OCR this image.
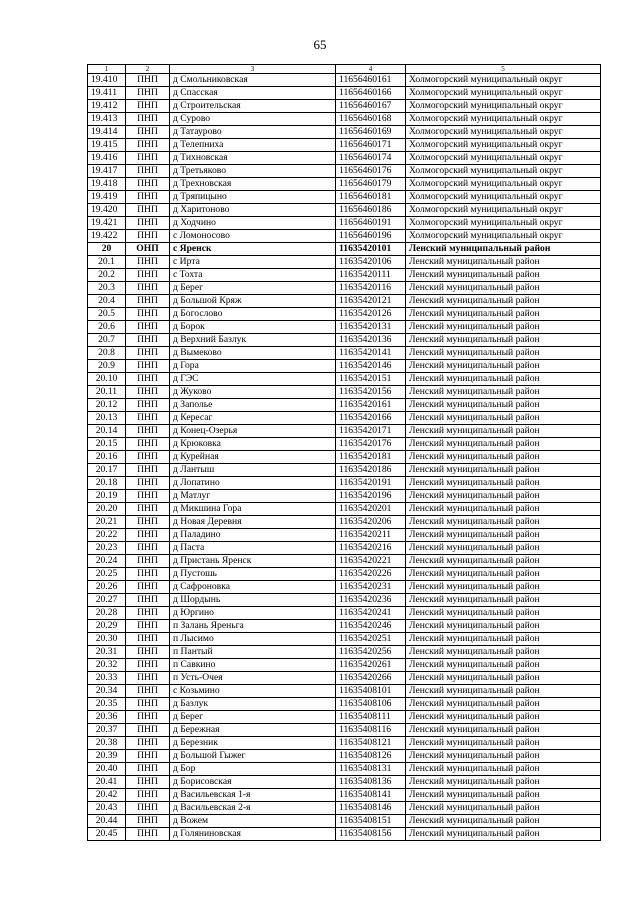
65
1	2	3	4	5
19.410	ПНП	д Смольниковская	11656460161	Холмогорский муниципальный округ
19.411	ПНП	д Спасская	11656460166	Холмогорский муниципальный округ
19.412	ПНП	д Строительская	11656460167	Холмогорский муниципальный округ
19.413	ПНП	д Сурово	11656460168	Холмогорский муниципальный округ
19.414	ПНП	д Татаурово	11656460169	Холмогорский муниципальный округ
19.415	ПНП	д Телепниха	11656460171	Холмогорский муниципальный округ
19.416	ПНП	д Тихновская	11656460174	Холмогорский муниципальный округ
19.417	ПНП	д Третьяково	11656460176	Холмогорский муниципальный округ
19.418	ПНП	д Трехновская	11656460179	Холмогорский муниципальный округ
19.419	ПНП	д Тряпицыно	11656460181	Холмогорский муниципальный округ
19.420	ПНП	д Харитоново	11656460186	Холмогорский муниципальный округ
19.421	ПНП	д Ходчино	11656460191	Холмогорский муниципальный округ
19.422	ПНП	с Ломоносово	11656460196	Холмогорский муниципальный округ
20	ОНП	с Яренск	11635420101	Ленский муниципальный район
20.1	ПНП	с Ирта	11635420106	Ленский муниципальный район
20.2	ПНП	с Тохта	11635420111	Ленский муниципальный район
20.3	ПНП	д Берег	11635420116	Ленский муниципальный район
20.4	ПНП	д Большой Кряж	11635420121	Ленский муниципальный район
20.5	ПНП	д Богослово	11635420126	Ленский муниципальный район
20.6	ПНП	д Борок	11635420131	Ленский муниципальный район
20.7	ПНП	д Верхний Базлук	11635420136	Ленский муниципальный район
20.8	ПНП	д Вымеково	11635420141	Ленский муниципальный район
20.9	ПНП	д Гора	11635420146	Ленский муниципальный район
20.10	ПНП	д ГЭС	11635420151	Ленский муниципальный район
20.11	ПНП	д Жуково	11635420156	Ленский муниципальный район
20.12	ПНП	д Заполье	11635420161	Ленский муниципальный район
20.13	ПНП	д Кересаг	11635420166	Ленский муниципальный район
20.14	ПНП	д Конец-Озерья	11635420171	Ленский муниципальный район
20.15	ПНП	д Крюковка	11635420176	Ленский муниципальный район
20.16	ПНП	д Курейная	11635420181	Ленский муниципальный район
20.17	ПНП	д Лантыш	11635420186	Ленский муниципальный район
20.18	ПНП	д Лопатино	11635420191	Ленский муниципальный район
20.19	ПНП	д Матлуг	11635420196	Ленский муниципальный район
20.20	ПНП	д Микшина Гора	11635420201	Ленский муниципальный район
20.21	ПНП	д Новая Деревня	11635420206	Ленский муниципальный район
20.22	ПНП	д Паладино	11635420211	Ленский муниципальный район
20.23	ПНП	д Паста	11635420216	Ленский муниципальный район
20.24	ПНП	д Пристань Яренск	11635420221	Ленский муниципальный район
20.25	ПНП	д Пустошь	11635420226	Ленский муниципальный район
20.26	ПНП	д Сафроновка	11635420231	Ленский муниципальный район
20.27	ПНП	д Шордынь	11635420236	Ленский муниципальный район
20.28	ПНП	д Юргино	11635420241	Ленский муниципальный район
20.29	ПНП	п Залань Яреньга	11635420246	Ленский муниципальный район
20.30	ПНП	п Лысимо	11635420251	Ленский муниципальный район
20.31	ПНП	п Пантый	11635420256	Ленский муниципальный район
20.32	ПНП	п Савкино	11635420261	Ленский муниципальный район
20.33	ПНП	п Усть-Очея	11635420266	Ленский муниципальный район
20.34	ПНП	с Козьмино	11635408101	Ленский муниципальный район
20.35	ПНП	д Базлук	11635408106	Ленский муниципальный район
20.36	ПНП	д Берег	11635408111	Ленский муниципальный район
20.37	ПНП	д Бережная	11635408116	Ленский муниципальный район
20.38	ПНП	д Березник	11635408121	Ленский муниципальный район
20.39	ПНП	д Большой Гыжег	11635408126	Ленский муниципальный район
20.40	ПНП	д Бор	11635408131	Ленский муниципальный район
20.41	ПНП	д Борисовская	11635408136	Ленский муниципальный район
20.42	ПНП	д Васильевская 1-я	11635408141	Ленский муниципальный район
20.43	ПНП	д Васильевская 2-я	11635408146	Ленский муниципальный район
20.44	ПНП	д Вожем	11635408151	Ленский муниципальный район
20.45	ПНП	д Голяниновская	11635408156	Ленский муниципальный район
